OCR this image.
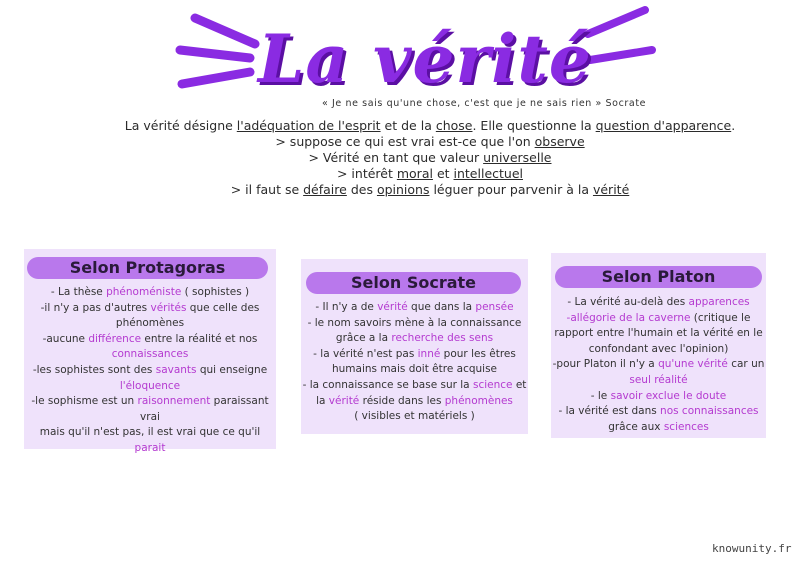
La vérité
« Je ne sais qu'une chose, c'est que je ne sais rien » Socrate

La vérité désigne l'adéquation de l'esprit et de la chose. Elle questionne la question d'apparence.

> suppose ce qui est vrai est-ce que l'on observe

> Vérité en tant que valeur universelle

> intérêt moral et intellectuel

> il faut se défaire des opinions léguer pour parvenir à la vérité

Selon Protagoras

- La thèse phénoméniste ( sophistes )

-il n'y a pas d'autres vérités que celle des

phénomènes

-aucune différence entre la réalité et nos

connaissances

-les sophistes sont des savants qui enseigne

l'éloquence

-le sophisme est un raisonnement paraissant vrai

mais qu'il n'est pas, il est vrai que ce qu'il parait

Selon Socrate

- Il n'y a de vérité que dans la pensée

- le nom savoirs mène à la connaissance

grâce a la recherche des sens

- la vérité n'est pas inné pour les êtres

humains mais doit être acquise

- la connaissance se base sur la science et

la vérité réside dans les phénomènes

( visibles et matériels )

Selon Platon

- La vérité au-delà des apparences

-allégorie de la caverne (critique le

rapport entre l'humain et la vérité en le

confondant avec l'opinion)

-pour Platon il n'y a qu'une vérité car un

seul réalité

- le savoir exclue le doute

- la vérité est dans nos connaissances

grâce aux sciences

knowunity.fr
